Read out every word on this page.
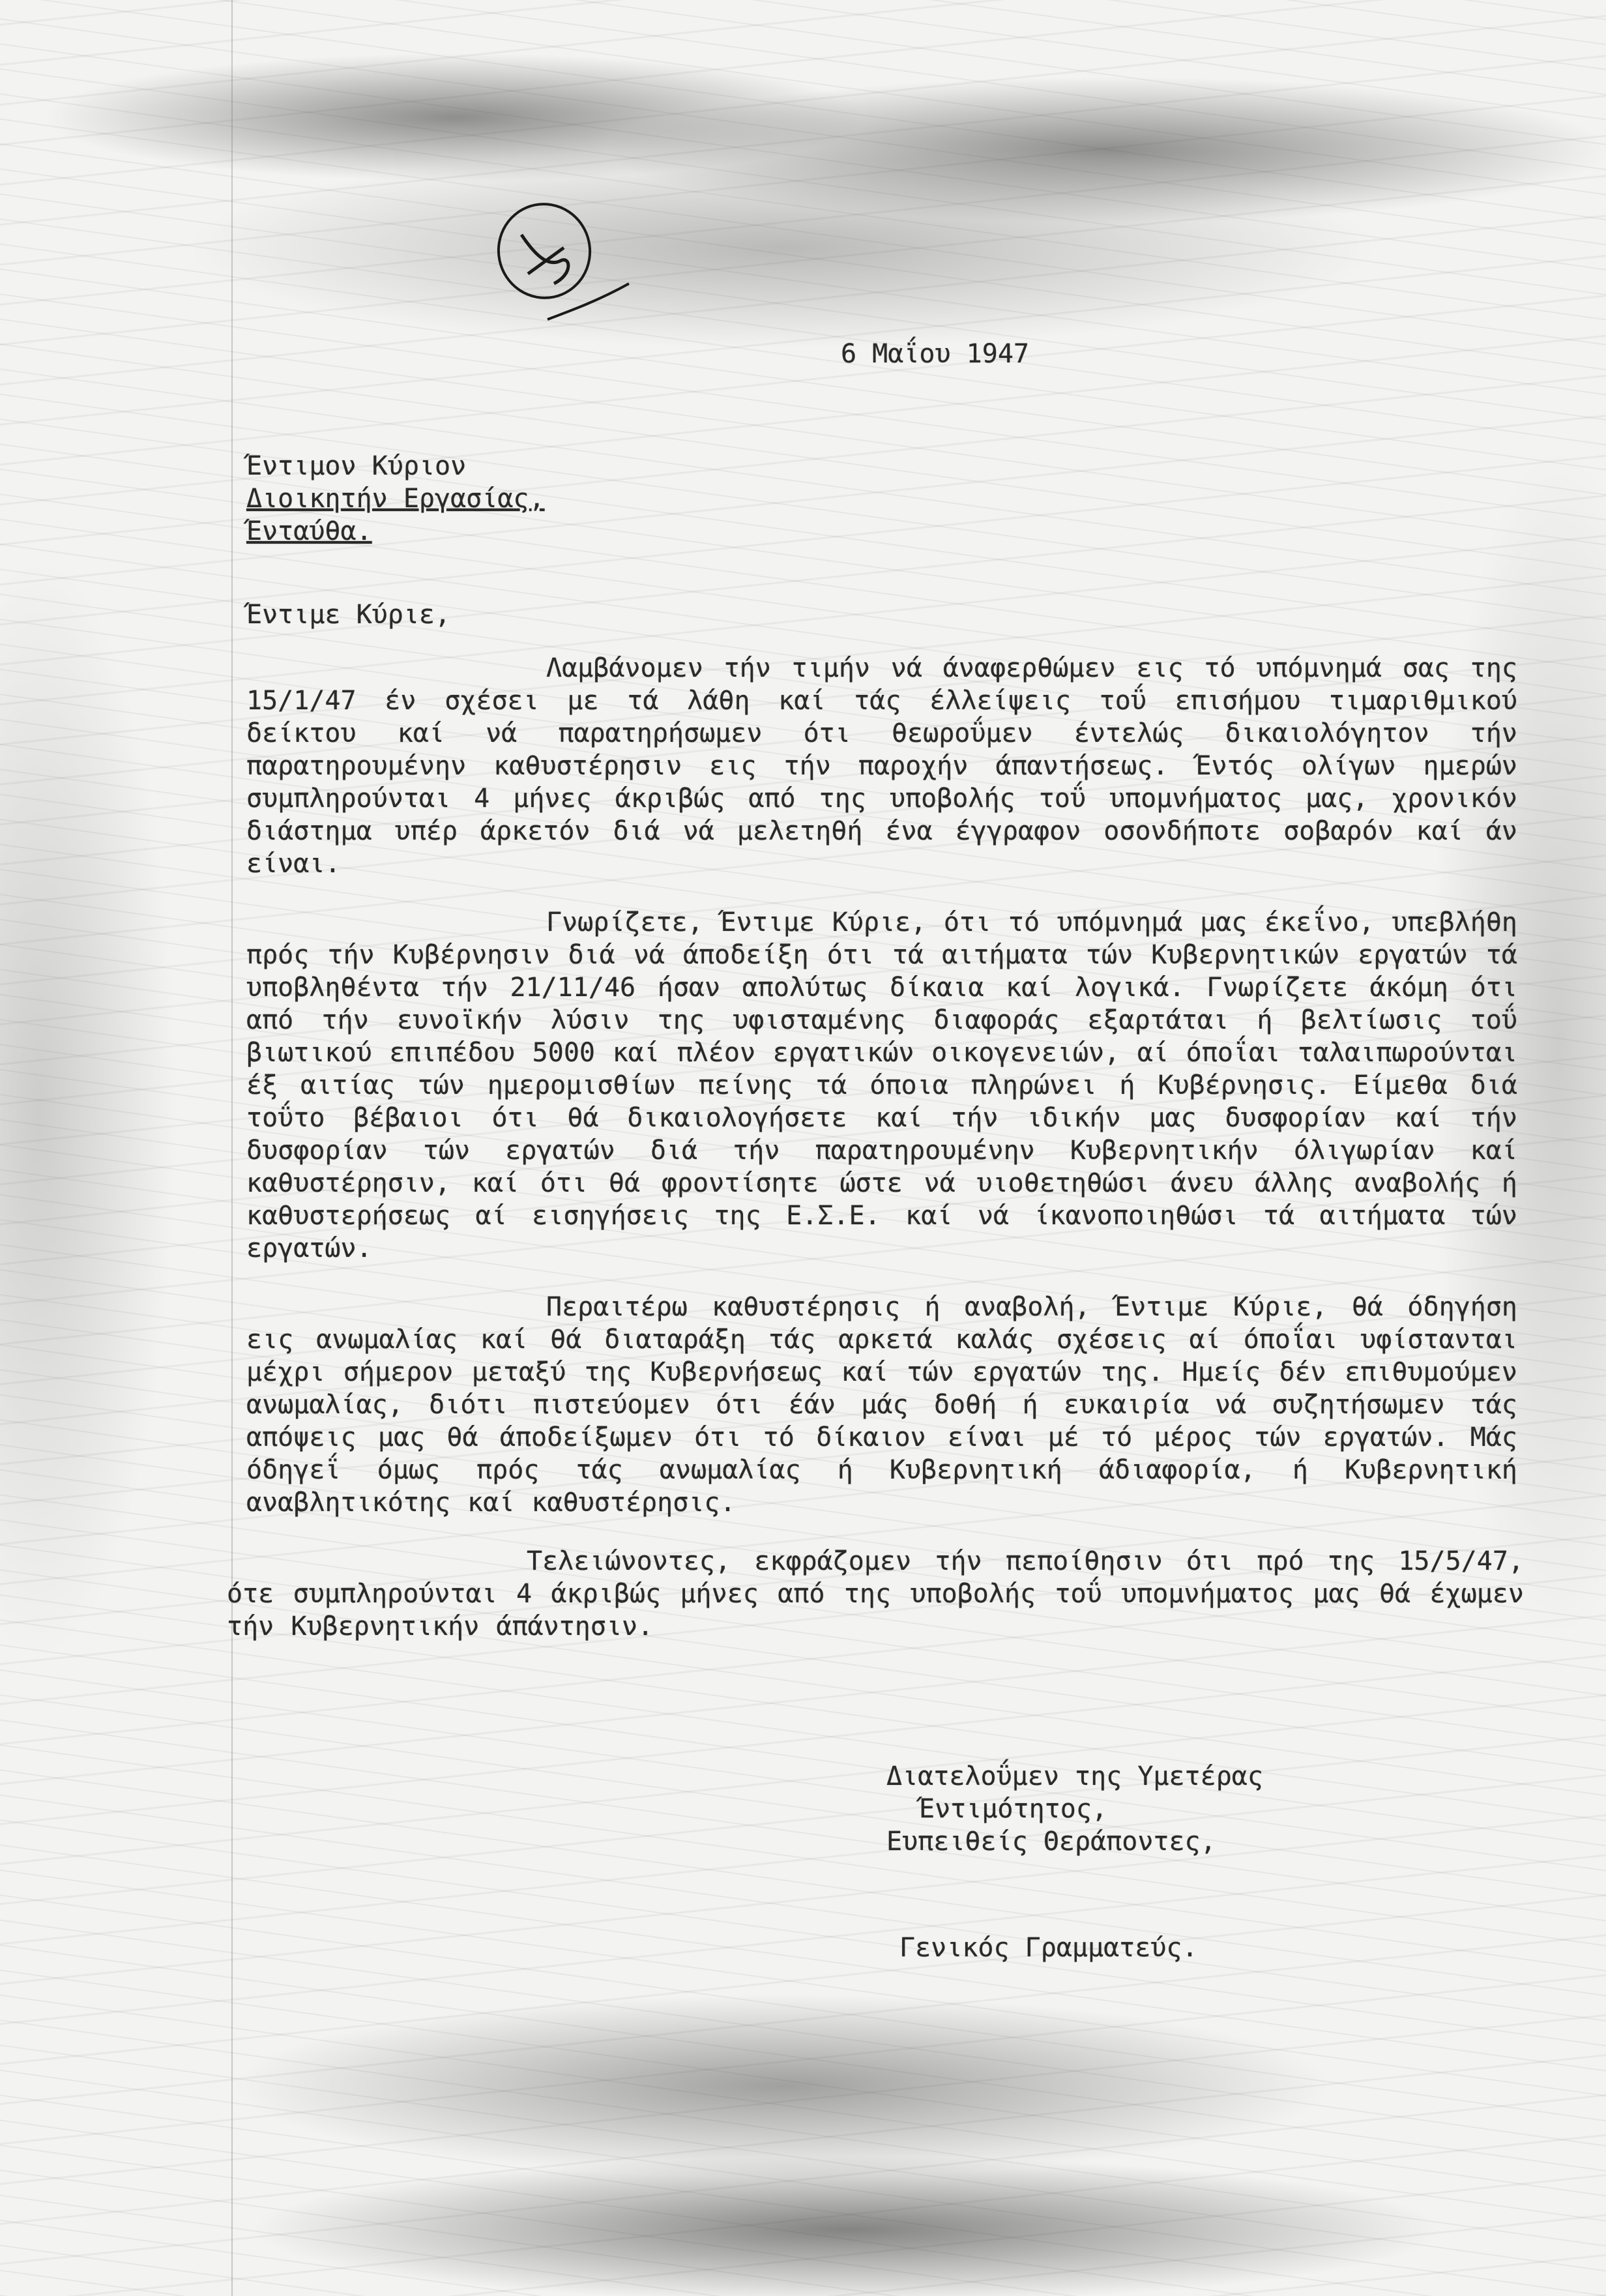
6 Μαΐου 1947
Έντιμον Κύριον
Διοικητήν Εργασίας,
Ένταύθα.
Έντιμε Κύριε,

Λαμβάνομεν τήν τιμήν νά άναφερθώμεν εις τό υπόμνημά σας της 15/1/47 έν σχέσει με τά λάθη καί τάς έλλείψεις τοΰ επισήμου τιμαριθμικού δείκτου καί νά παρατηρήσωμεν ότι θεωροΰμεν έντελώς δικαιολόγητον τήν παρατηρουμένην καθυστέρησιν εις τήν παροχήν άπαντήσεως. Έντός ολίγων ημερών συμπληρούνται 4 μήνες άκριβώς από της υποβολής τοΰ υπομνήματος μας, χρονικόν διάστημα υπέρ άρκετόν διά νά μελετηθή ένα έγγραφον οσονδήποτε σοβαρόν καί άν είναι.

Γνωρίζετε, Έντιμε Κύριε, ότι τό υπόμνημά μας έκεΐνο, υπεβλήθη πρός τήν Κυβέρνησιν διά νά άποδείξη ότι τά αιτήματα τών Κυβερνητικών εργατών τά υποβληθέντα τήν 21/11/46 ήσαν απολύτως δίκαια καί λογικά. Γνωρίζετε άκόμη ότι από τήν ευνοϊκήν λύσιν της υφισταμένης διαφοράς εξαρτάται ή βελτίωσις τοΰ βιωτικού επιπέδου 5000 καί πλέον εργατικών οικογενειών, αί όποΐαι ταλαιπωρούνται έξ αιτίας τών ημερομισθίων πείνης τά όποια πληρώνει ή Κυβέρνησις. Είμεθα διά τοΰτο βέβαιοι ότι θά δικαιολογήσετε καί τήν ιδικήν μας δυσφορίαν καί τήν δυσφορίαν τών εργατών διά τήν παρατηρουμένην Κυβερνητικήν όλιγωρίαν καί καθυστέρησιν, καί ότι θά φροντίσητε ώστε νά υιοθετηθώσι άνευ άλλης αναβολής ή καθυστερήσεως αί εισηγήσεις της Ε.Σ.Ε. καί νά ίκανοποιηθώσι τά αιτήματα τών εργατών.

Περαιτέρω καθυστέρησις ή αναβολή, Έντιμε Κύριε, θά όδηγήση εις ανωμαλίας καί θά διαταράξη τάς αρκετά καλάς σχέσεις αί όποΐαι υφίστανται μέχρι σήμερον μεταξύ της Κυβερνήσεως καί τών εργατών της. Ημείς δέν επιθυμούμεν ανωμαλίας, διότι πιστεύομεν ότι έάν μάς δοθή ή ευκαιρία νά συζητήσωμεν τάς απόψεις μας θά άποδείξωμεν ότι τό δίκαιον είναι μέ τό μέρος τών εργατών. Μάς όδηγεΐ όμως πρός τάς ανωμαλίας ή Κυβερνητική άδιαφορία, ή Κυβερνητική αναβλητικότης καί καθυστέρησις.

Τελειώνοντες, εκφράζομεν τήν πεποίθησιν ότι πρό της 15/5/47, ότε συμπληρούνται 4 άκριβώς μήνες από της υποβολής τοΰ υπομνήματος μας θά έχωμεν τήν Κυβερνητικήν άπάντησιν.

Διατελοΰμεν της Υμετέρας
Έντιμότητος,
Ευπειθείς Θεράποντες,
Γενικός Γραμματεύς.
